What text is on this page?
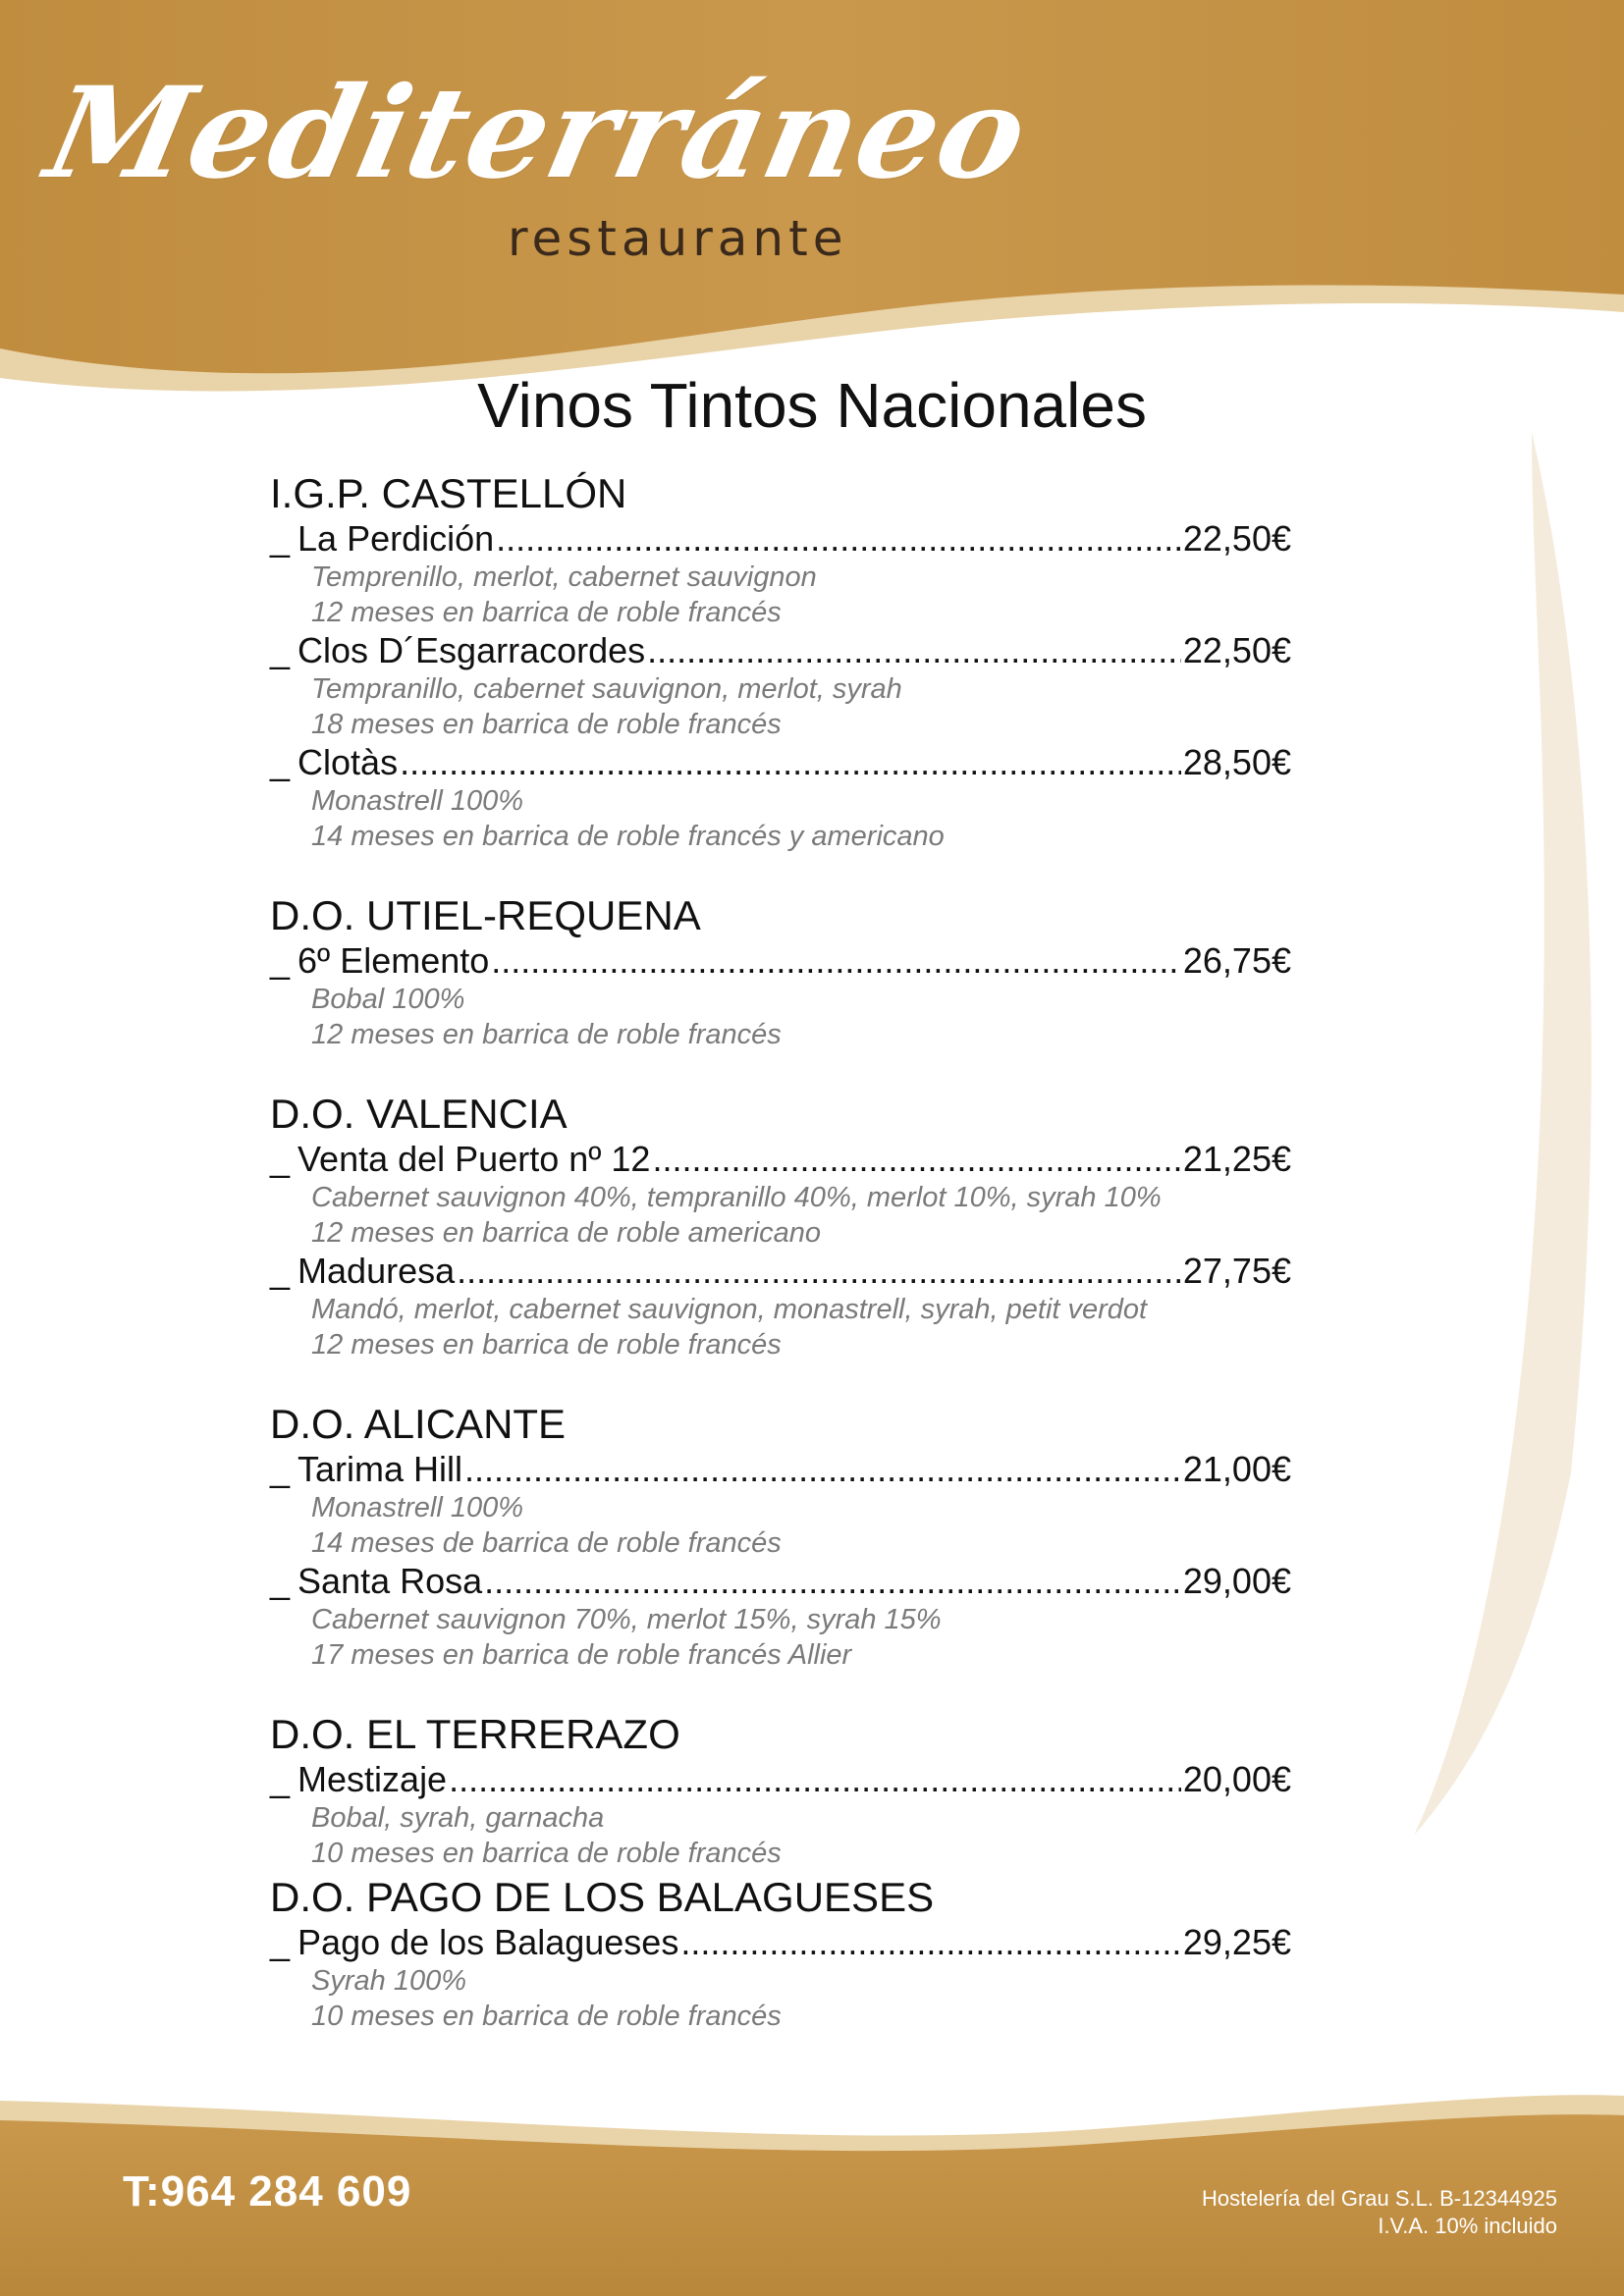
Mediterráneo
restaurante
Vinos Tintos Nacionales
I.G.P. CASTELLÓN
_ La Perdición .....	22,50€
Temprenillo, merlot, cabernet sauvignon
12 meses en barrica de roble francés
_ Clos D´Esgarracordes .....	22,50€
Tempranillo, cabernet sauvignon, merlot, syrah
18 meses en barrica de roble francés
_ Clotàs .....	28,50€
Monastrell 100%
14 meses en barrica de roble francés y americano
D.O. UTIEL-REQUENA
_ 6º Elemento .....	26,75€
Bobal 100%
12 meses en barrica de roble francés
D.O. VALENCIA
_ Venta del Puerto nº 12 .....	21,25€
Cabernet sauvignon 40%, tempranillo 40%, merlot 10%, syrah 10%
12 meses en barrica de roble americano
_ Maduresa .....	27,75€
Mandó, merlot, cabernet sauvignon, monastrell, syrah, petit verdot
12 meses en barrica de roble francés
D.O. ALICANTE
_ Tarima Hill .....	21,00€
Monastrell 100%
14 meses de barrica de roble francés
_ Santa Rosa .....	29,00€
Cabernet sauvignon 70%, merlot 15%, syrah 15%
17 meses en barrica de roble francés Allier
D.O. EL TERRERAZO
_ Mestizaje .....	20,00€
Bobal, syrah, garnacha
10 meses en barrica de roble francés
D.O. PAGO DE LOS BALAGUESES
_ Pago de los Balagueses .....	29,25€
Syrah 100%
10 meses en barrica de roble francés
T:964 284 609	Hostelería del Grau S.L. B-12344925
I.V.A. 10% incluido
